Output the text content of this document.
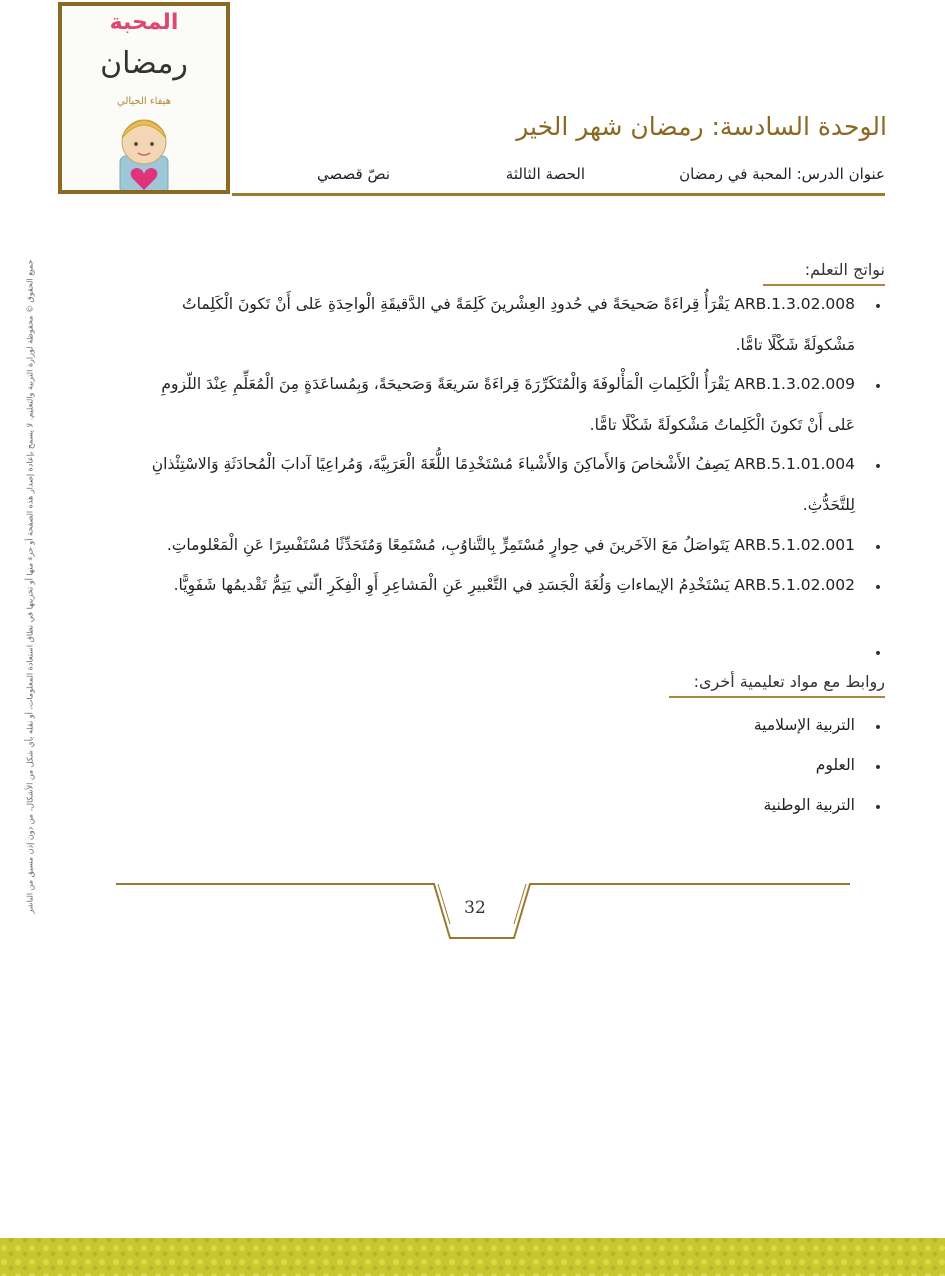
المحبة
رمضان
هيفاء الحيالي
الوحدة السادسة: رمضان شهر الخير
عنوان الدرس: المحبة في رمضان
الحصة الثالثة
نصّ قصصي
نواتج التعلم:
•
ARB.1.3.02.008 يَقْرَأُ قِراءَةً صَحيحَةً في حُدودِ العِشْرينَ كَلِمَةً في الدَّقيقَةِ الْواحِدَةِ عَلى أَنْ تَكونَ الْكَلِماتُ
مَشْكولَةً شَكْلًا تامًّا.
•
ARB.1.3.02.009 يَقْرَأُ الْكَلِماتِ الْمَأْلوفَةَ وَالْمُتَكَرِّرَةَ قِراءَةً سَريعَةً وَصَحيحَةً، وَبِمُساعَدَةٍ مِنَ الْمُعَلِّمِ عِنْدَ اللّزومِ
عَلى أَنْ تَكونَ الْكَلِماتُ مَشْكولَةً شَكْلًا تامًّا.
•
ARB.5.1.01.004 يَصِفُ الأَشْخاصَ وَالأَماكِنَ وَالأَشْياءَ مُسْتَخْدِمًا اللُّغَةَ الْعَرَبِيَّةَ، وَمُراعِيًا آدابَ الْمُحادَثَةِ وَالاسْتِئْذانِ
لِلتَّحَدُّثِ.
•
ARB.5.1.02.001 يَتَواصَلُ مَعَ الآخَرينَ في حِوارٍ مُسْتَمِرٍّ بِالتَّناوُبِ، مُسْتَمِعًا وَمُتَحَدِّثًا مُسْتَفْسِرًا عَنِ الْمَعْلوماتِ.
•
ARB.5.1.02.002 يَسْتَخْدِمُ الإيماءاتِ وَلُغَةَ الْجَسَدِ في التَّعْبيرِ عَنِ الْمَشاعِرِ أَوِ الْفِكَرِ الّتي يَتِمُّ تَقْديمُها شَفَوِيًّا.
•
روابط مع مواد تعليمية أخرى:
•
التربية الإسلامية
•
العلوم
•
التربية الوطنية
جميع الحقوق © محفوظة لوزارة التربية والتعليم. لا يسمح بإعادة إصدار هذه الصفحة أو جزء منها أو تخزينها في نطاق استعادة المعلومات، أو نقله بأي شكل من الأشكال، من دون إذن مسبق من الناشر	32
